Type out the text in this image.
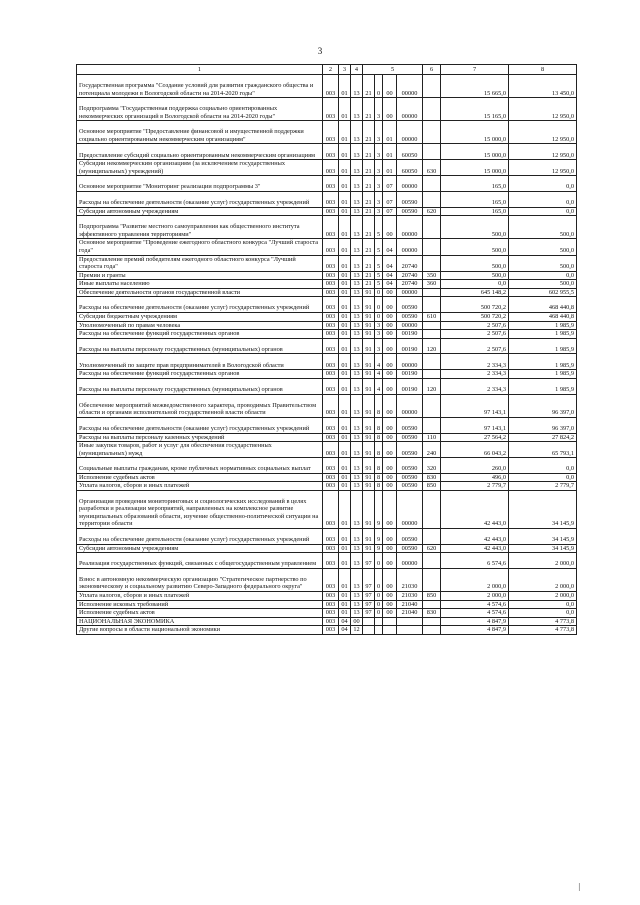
3
1	2	3	4	5				6	7	8
Государственная программа "Создание условий для развития гражданского общества и потенциала молодежи в Вологодской области на 2014-2020 годы"	003	01	13	21	0	00	00000		15 665,0	13 450,0
Подпрограмма "Государственная поддержка социально ориентированных некоммерческих организаций в Вологодской области на 2014-2020 годы"	003	01	13	21	3	00	00000		15 165,0	12 950,0
Основное мероприятие "Предоставление финансовой и имущественной поддержки социально ориентированным некоммерческим организациям"	003	01	13	21	3	01	00000		15 000,0	12 950,0
Предоставление субсидий социально ориентированным некоммерческим организациям	003	01	13	21	3	01	60050		15 000,0	12 950,0
Субсидии некоммерческим организациям (за исключением государственных (муниципальных) учреждений)	003	01	13	21	3	01	60050	630	15 000,0	12 950,0
Основное мероприятие "Мониторинг реализации подпрограммы 3"	003	01	13	21	3	07	00000		165,0	0,0
Расходы на обеспечение деятельности (оказание услуг) государственных учреждений	003	01	13	21	3	07	00590		165,0	0,0
Субсидии автономным учреждениям	003	01	13	21	3	07	00590	620	165,0	0,0
Подпрограмма "Развитие местного самоуправления как общественного института эффективного управления территориями"	003	01	13	21	5	00	00000		500,0	500,0
Основное мероприятие "Проведение ежегодного областного конкурса "Лучший староста года"	003	01	13	21	5	04	00000		500,0	500,0
Предоставление премий победителям ежегодного областного конкурса "Лучший староста года"	003	01	13	21	5	04	20740		500,0	500,0
Премии и гранты	003	01	13	21	5	04	20740	350	500,0	0,0
Иные выплаты населению	003	01	13	21	5	04	20740	360	0,0	500,0
Обеспечение деятельности органов государственной власти	003	01	13	91	0	00	00000		645 148,2	602 955,5
Расходы на обеспечение деятельности (оказание услуг) государственных учреждений	003	01	13	91	0	00	00590		500 720,2	468 440,8
Субсидии бюджетным учреждениям	003	01	13	91	0	00	00590	610	500 720,2	468 440,8
Уполномоченный по правам человека	003	01	13	91	3	00	00000		2 507,6	1 985,9
Расходы на обеспечение функций государственных органов	003	01	13	91	3	00	00190		2 507,6	1 985,9
Расходы на выплаты персоналу государственных (муниципальных) органов	003	01	13	91	3	00	00190	120	2 507,6	1 985,9
Уполномоченный по защите прав предпринимателей в Вологодской области	003	01	13	91	4	00	00000		2 334,3	1 985,9
Расходы на обеспечение функций государственных органов	003	01	13	91	4	00	00190		2 334,3	1 985,9
Расходы на выплаты персоналу государственных (муниципальных) органов	003	01	13	91	4	00	00190	120	2 334,3	1 985,9
Обеспечение мероприятий межведомственного характера, проводимых Правительством области и органами исполнительной государственной власти области	003	01	13	91	8	00	00000		97 143,1	96 397,0
Расходы на обеспечение деятельности (оказание услуг) государственных учреждений	003	01	13	91	8	00	00590		97 143,1	96 397,0
Расходы на выплаты персоналу казенных учреждений	003	01	13	91	8	00	00590	110	27 564,2	27 824,2
Иные закупки товаров, работ и услуг для обеспечения государственных (муниципальных) нужд	003	01	13	91	8	00	00590	240	66 043,2	65 793,1
Социальные выплаты гражданам, кроме публичных нормативных социальных выплат	003	01	13	91	8	00	00590	320	260,0	0,0
Исполнение судебных актов	003	01	13	91	8	00	00590	830	496,0	0,0
Уплата налогов, сборов и иных платежей	003	01	13	91	8	00	00590	850	2 779,7	2 779,7
Организация проведения мониторинговых и социологических исследований в целях разработки и реализации мероприятий, направленных на комплексное развитие муниципальных образований области, изучение общественно-политической ситуации на территории области	003	01	13	91	9	00	00000		42 443,0	34 145,9
Расходы на обеспечение деятельности (оказание услуг) государственных учреждений	003	01	13	91	9	00	00590		42 443,0	34 145,9
Субсидии автономным учреждениям	003	01	13	91	9	00	00590	620	42 443,0	34 145,9
Реализация государственных функций, связанных с общегосударственным управлением	003	01	13	97	0	00	00000		6 574,6	2 000,0
Взнос в автономную некоммерческую организацию "Стратегическое партнерство по экономическому и социальному развитию Северо-Западного федерального округа"	003	01	13	97	0	00	21030		2 000,0	2 000,0
Уплата налогов, сборов и иных платежей	003	01	13	97	0	00	21030	850	2 000,0	2 000,0
Исполнение исковых требований	003	01	13	97	0	00	21040		4 574,6	0,0
Исполнение судебных актов	003	01	13	97	0	00	21040	830	4 574,6	0,0
НАЦИОНАЛЬНАЯ ЭКОНОМИКА	003	04	00						4 847,9	4 773,8
Другие вопросы в области национальной экономики	003	04	12						4 847,9	4 773,8
|
